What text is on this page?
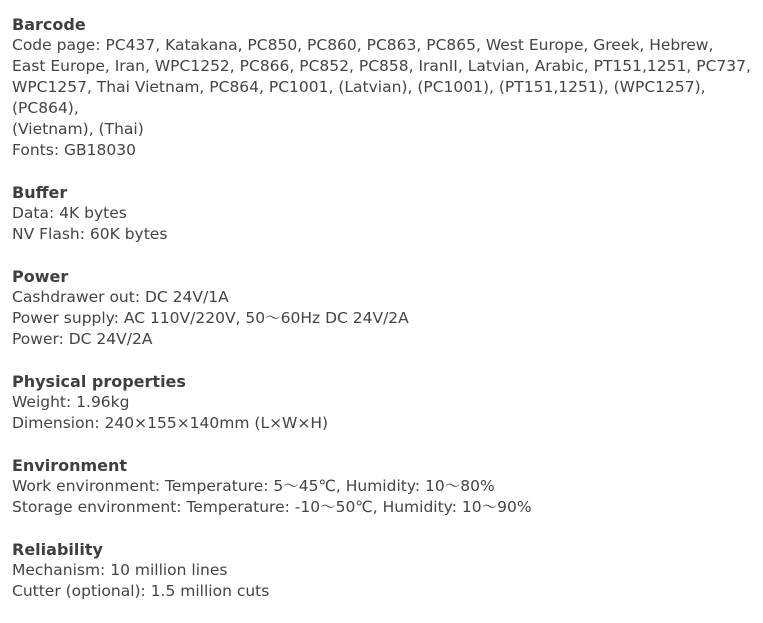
Barcode
Code page: PC437, Katakana, PC850, PC860, PC863, PC865, West Europe, Greek, Hebrew,
East Europe, Iran, WPC1252, PC866, PC852, PC858, IranII, Latvian, Arabic, PT151,1251, PC737,
WPC1257, Thai Vietnam, PC864, PC1001, (Latvian), (PC1001), (PT151,1251), (WPC1257), (PC864),
(Vietnam), (Thai)
Fonts: GB18030
Buffer
Data: 4K bytes
NV Flash: 60K bytes
Power
Cashdrawer out: DC 24V/1A
Power supply: AC 110V/220V, 50～60Hz DC 24V/2A
Power: DC 24V/2A
Physical properties
Weight: 1.96kg
Dimension: 240×155×140mm (L×W×H)
Environment
Work environment: Temperature: 5～45℃, Humidity: 10～80%
Storage environment: Temperature: -10～50℃, Humidity: 10～90%
Reliability
Mechanism: 10 million lines
Cutter (optional): 1.5 million cuts
